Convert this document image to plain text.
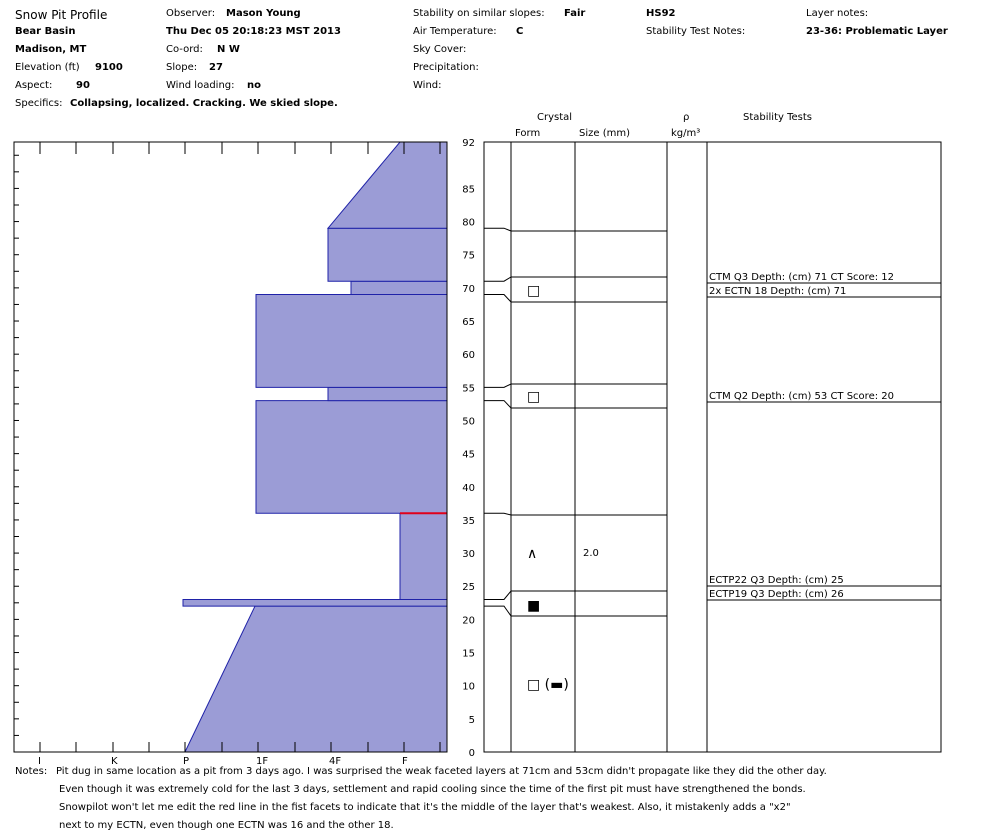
Snow Pit Profile
Bear Basin
Madison, MT
Elevation (ft) 9100
Aspect: 90
Specifics: Collapsing, localized. Cracking. We skied slope.
Observer: Mason Young
Thu Dec 05 20:18:23 MST 2013
Co-ord: N W
Slope: 27
Wind loading: no
Stability on similar slopes: Fair	HS92
Air Temperature: C	Stability Test Notes:
Sky Cover:
Precipitation:
Wind:
Layer notes:
23-36: Problematic Layer
Crystal
Form	Size (mm)
ρ
kg/m³
Stability Tests
I	K	P	1F	4F	F
0
5
10
15
20
25
30
35
40
45
50
55
60
65
70
75
80
85
92
□
□
∧	2.0
■
□ (▬)
CTM Q3 Depth: (cm) 71 CT Score: 12
2x ECTN 18 Depth: (cm) 71
CTM Q2 Depth: (cm) 53 CT Score: 20
ECTP22 Q3 Depth: (cm) 25
ECTP19 Q3 Depth: (cm) 26
Notes: Pit dug in same location as a pit from 3 days ago. I was surprised the weak faceted layers at 71cm and 53cm didn't propagate like they did the other day.
Even though it was extremely cold for the last 3 days, settlement and rapid cooling since the time of the first pit must have strengthened the bonds.
Snowpilot won't let me edit the red line in the fist facets to indicate that it's the middle of the layer that's weakest. Also, it mistakenly adds a "x2"
next to my ECTN, even though one ECTN was 16 and the other 18.
